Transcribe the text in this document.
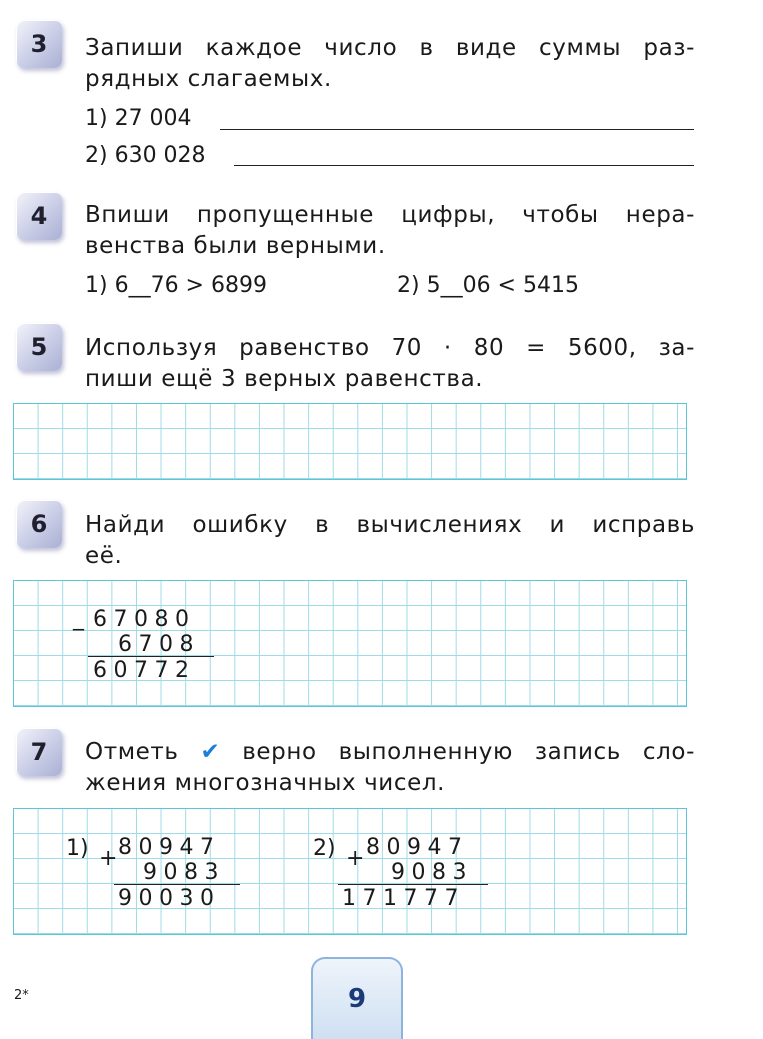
3 Запиши каждое число в виде суммы раз-
рядных слагаемых.
1) 27 004
2) 630 028
4 Впиши пропущенные цифры, чтобы нера-
венства были верными.
1) 6__76 > 6899	2) 5__06 < 5415
5 Используя равенство 70 · 80 = 5600, за-
пиши ещё 3 верных равенства.
6 Найди ошибку в вычислениях и исправь
её.
_ 67080
6708
60772
7 Отметь ✔ верно выполненную запись сло-
жения многозначных чисел.
1) + 80947
9083
90030
2) + 80947
9083
171777
2*	9
